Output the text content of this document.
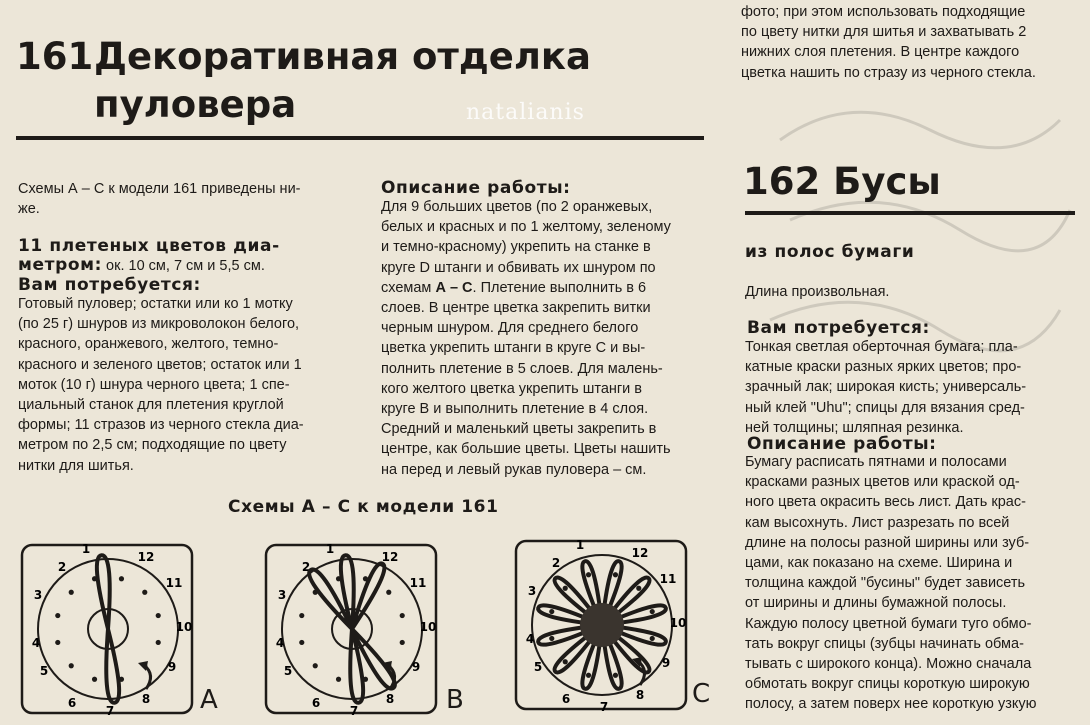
161 Декоративная отделка
пуловера	natalianis
Схемы А – С к модели 161 приведены ни-
же.
11 плетеных цветов диа-
метром: ок. 10 см, 7 см и 5,5 см.
Вам потребуется:
Готовый пуловер; остатки или ко 1 мотку
(по 25 г) шнуров из микроволокон белого,
красного, оранжевого, желтого, темно-
красного и зеленого цветов; остаток или 1
моток (10 г) шнура черного цвета; 1 спе-
циальный станок для плетения круглой
формы; 11 стразов из черного стекла диа-
метром по 2,5 см; подходящие по цвету
нитки для шитья.
Описание работы:
Для 9 больших цветов (по 2 оранжевых,
белых и красных и по 1 желтому, зеленому
и темно-красному) укрепить на станке в
круге D штанги и обвивать их шнуром по
схемам А – С. Плетение выполнить в 6
слоев. В центре цветка закрепить витки
черным шнуром. Для среднего белого
цветка укрепить штанги в круге С и вы-
полнить плетение в 5 слоев. Для малень-
кого желтого цветка укрепить штанги в
круге В и выполнить плетение в 4 слоя.
Средний и маленький цветы закрепить в
центре, как большие цветы. Цветы нашить
на перед и левый рукав пуловера – см.
Схемы А – С к модели 161
фото; при этом использовать подходящие
по цвету нитки для шитья и захватывать 2
нижних слоя плетения. В центре каждого
цветка нашить по стразу из черного стекла.
162 Бусы
из полос бумаги
Длина произвольная.
Вам потребуется:
Тонкая светлая оберточная бумага; пла-
катные краски разных ярких цветов; про-
зрачный лак; широкая кисть; универсаль-
ный клей "Uhu"; спицы для вязания сред-
ней толщины; шляпная резинка.
Описание работы:
Бумагу расписать пятнами и полосами
красками разных цветов или краской од-
ного цвета окрасить весь лист. Дать крас-
кам высохнуть. Лист разрезать по всей
длине на полосы разной ширины или зуб-
цами, как показано на схеме. Ширина и
толщина каждой "бусины" будет зависеть
от ширины и длины бумажной полосы.
Каждую полосу цветной бумаги туго обмо-
тать вокруг спицы (зубцы начинать обма-
тывать с широкого конца). Можно сначала
обмотать вокруг спицы короткую широкую
полосу, а затем поверх нее короткую узкую
1
12
2
11
3
10
4
9
5
8
6
7	A
1
12
2
11
3
10
4
9
5
8
6
7	B
1
12
2
11
3
10
4
9
5
8
6
7	C
